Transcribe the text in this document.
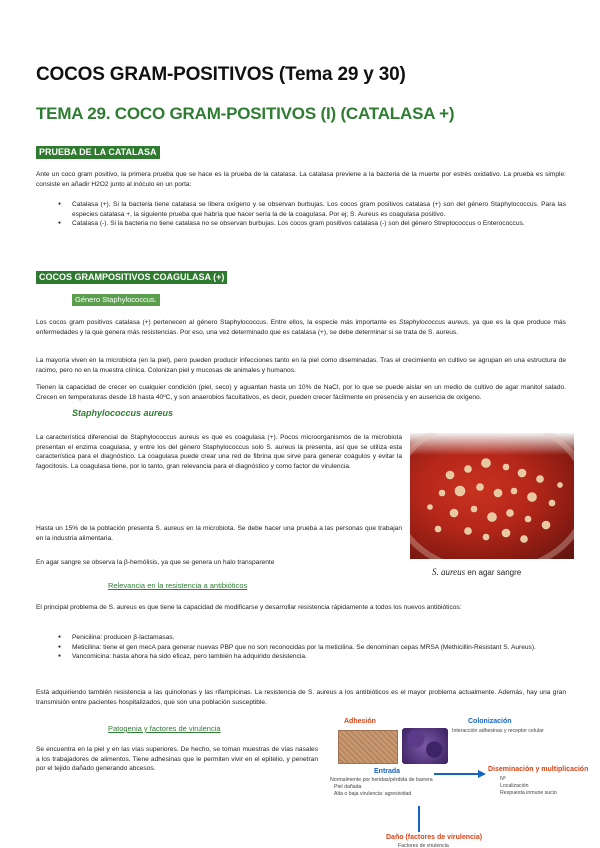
COCOS GRAM-POSITIVOS (Tema 29 y 30)
TEMA 29. COCO GRAM-POSITIVOS (I) (CATALASA +)
PRUEBA DE LA CATALASA
Ante un coco gram positivo, la primera prueba que se hace es la prueba de la catalasa. La catalasa previene a la bacteria de la muerte por estrés oxidativo. La prueba es simple: consiste en añadir H2O2 junto al inóculo en un porta:
● Catalasa (+). Si la bacteria tiene catalasa se libera oxígeno y se observan burbujas. Los cocos gram positivos catalasa (+) son del género Staphylococcus. Para las especies catalasa +, la siguiente prueba que habría que hacer sería la de la coagulasa. Por ej; S. Aureus es coagulasa positivo.
● Catalasa (-). Si la bacteria no tiene catalasa no se observan burbujas. Los cocos gram positivos catalasa (-) son del género Streptococcus o Enterococcus.
COCOS GRAMPOSITIVOS COAGULASA (+)
Género Staphylococcus.
Los cocos gram positivos catalasa (+) pertenecen al género Staphylococcus. Entre ellos, la especie más importante es Staphylococcus aureus, ya que es la que produce más enfermedades y la que genera más resistencias. Por eso, una vez determinado que es catalasa (+), se debe determinar si se trata de S. aureus.
La mayoría viven en la microbiota (en la piel), pero pueden producir infecciones tanto en la piel como diseminadas. Tras el crecimiento en cultivo se agrupan en una estructura de racimo, pero no en la muestra clínica. Colonizan piel y mucosas de animales y humanos.
Tienen la capacidad de crecer en cualquier condición (piel, seco) y aguantan hasta un 10% de NaCl, por lo que se puede aislar en un medio de cultivo de agar manitol salado. Crecen en temperaturas desde 18 hasta 40ºC, y son anaerobios facultativos, es decir, pueden crecer fácilmente en presencia y en ausencia de oxígeno.
Staphylococcus aureus
La característica diferencial de Staphylococcus aureus es que es coagulasa (+). Pocos microorganismos de la microbiota presentan el enzima coagulasa, y entre los del género Staphylococcus solo S. aureus la presenta, así que se utiliza esta característica para el diagnóstico. La coagulasa puede crear una red de fibrina que sirve para generar coágulos y evitar la fagocitosis. La coagulasa tiene, por lo tanto, gran relevancia para el diagnóstico y como factor de virulencia.
Hasta un 15% de la población presenta S. aureus en la microbiota. Se debe hacer una prueba a las personas que trabajan en la industria alimentaria.
En agar sangre se observa la β-hemólisis, ya que se genera un halo transparente
S. aureus en agar sangre
Relevancia en la resistencia a antibióticos
El principal problema de S. aureus es que tiene la capacidad de modificarse y desarrollar resistencia rápidamente a todos los nuevos antibióticos:
● Penicilina: producen β-lactamasas.
● Meticilina: tiene el gen mecA para generar nuevas PBP que no son reconocidas por la meticilina. Se denominan cepas MRSA (Methicillin-Resistant S. Aureus).
● Vancomicina: hasta ahora ha sido eficaz, pero también ha adquirido desistencia.
Está adquiriendo también resistencia a las quinolonas y las rifampicinas. La resistencia de S. aureus a los antibióticos es el mayor problema actualmente. Además, hay una gran transmisión entre pacientes hospitalizados, que son una población susceptible.
Patogenia y factores de virulencia
Se encuentra en la piel y en las vías superiores. De hecho, se toman muestras de vías nasales a los trabajadores de alimentos. Tiene adhesinas que le permiten vivir en el epitelio, y penetran por el tejido dañado generando abcesos.
Adhesión	Colonización
Interacción adhesinas y receptor celular
Entrada
Normalmente por heridas/pérdida de barrera
Piel dañada
Alta o baja virulencia: agresividad
Diseminación y multiplicación
Nº
Localización
Respuesta inmune sucio
Daño (factores de virulencia)
Factores de virulencia
